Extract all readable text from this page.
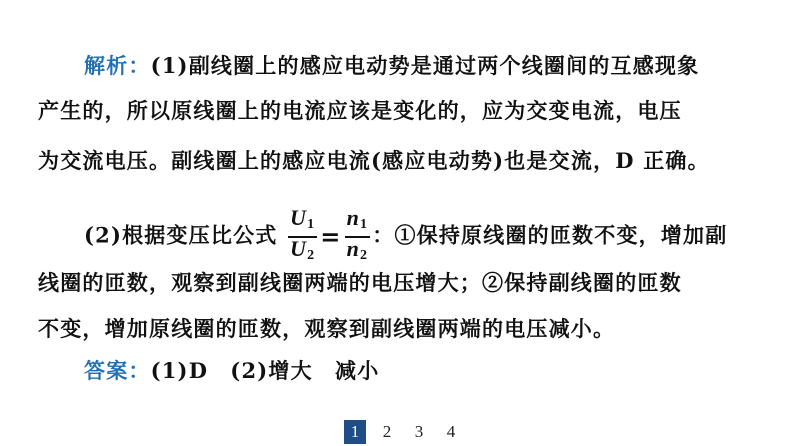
解析：(1)副线圈上的感应电动势是通过两个线圈间的互感现象
产生的，所以原线圈上的电流应该是变化的，应为交变电流，电压
为交流电压。副线圈上的感应电流(感应电动势)也是交流，D 正确。
(2)根据变压比公式 $\frac{U_1}{U_2} = \frac{n_1}{n_2}$ ：①保持原线圈的匝数不变，增加副
线圈的匝数，观察到副线圈两端的电压增大；②保持副线圈的匝数
不变，增加原线圈的匝数，观察到副线圈两端的电压减小。
答案：(1)D　(2)增大　减小
1	2	3	4
